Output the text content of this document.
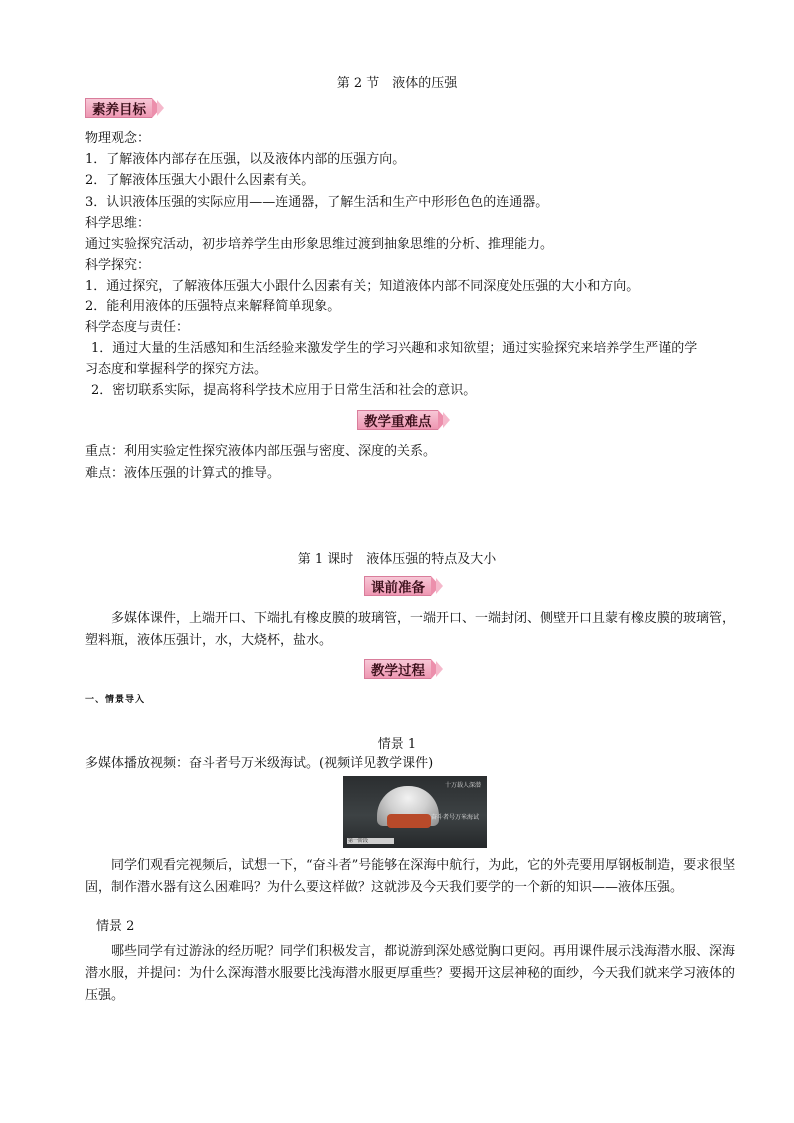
第 2 节　液体的压强
素养目标
物理观念：
1．了解液体内部存在压强，以及液体内部的压强方向。
2．了解液体压强大小跟什么因素有关。
3．认识液体压强的实际应用——连通器，了解生活和生产中形形色色的连通器。
科学思维：
通过实验探究活动，初步培养学生由形象思维过渡到抽象思维的分析、推理能力。
科学探究：
1．通过探究，了解液体压强大小跟什么因素有关；知道液体内部不同深度处压强的大小和方向。
2．能利用液体的压强特点来解释简单现象。
科学态度与责任：
1．通过大量的生活感知和生活经验来激发学生的学习兴趣和求知欲望；通过实验探究来培养学生严谨的学
习态度和掌握科学的探究方法。
2．密切联系实际，提高将科学技术应用于日常生活和社会的意识。
教学重难点
重点：利用实验定性探究液体内部压强与密度、深度的关系。
难点：液体压强的计算式的推导。
第 1 课时　液体压强的特点及大小
课前准备
多媒体课件，上端开口、下端扎有橡皮膜的玻璃管，一端开口、一端封闭、侧壁开口且蒙有橡皮膜的玻璃管，塑料瓶，液体压强计，水，大烧杯，盐水。
教学过程
一、情景导入
情景 1
多媒体播放视频：奋斗者号万米级海试。(视频详见教学课件)
十万载人深潜
奋斗者号万米海试
第一阶段
同学们观看完视频后，试想一下，“奋斗者”号能够在深海中航行，为此，它的外壳要用厚钢板制造，要求很坚固，制作潜水器有这么困难吗？为什么要这样做？这就涉及今天我们要学的一个新的知识——液体压强。
情景 2
哪些同学有过游泳的经历呢？同学们积极发言，都说游到深处感觉胸口更闷。再用课件展示浅海潜水服、深海潜水服，并提问：为什么深海潜水服要比浅海潜水服更厚重些？要揭开这层神秘的面纱，今天我们就来学习液体的压强。
